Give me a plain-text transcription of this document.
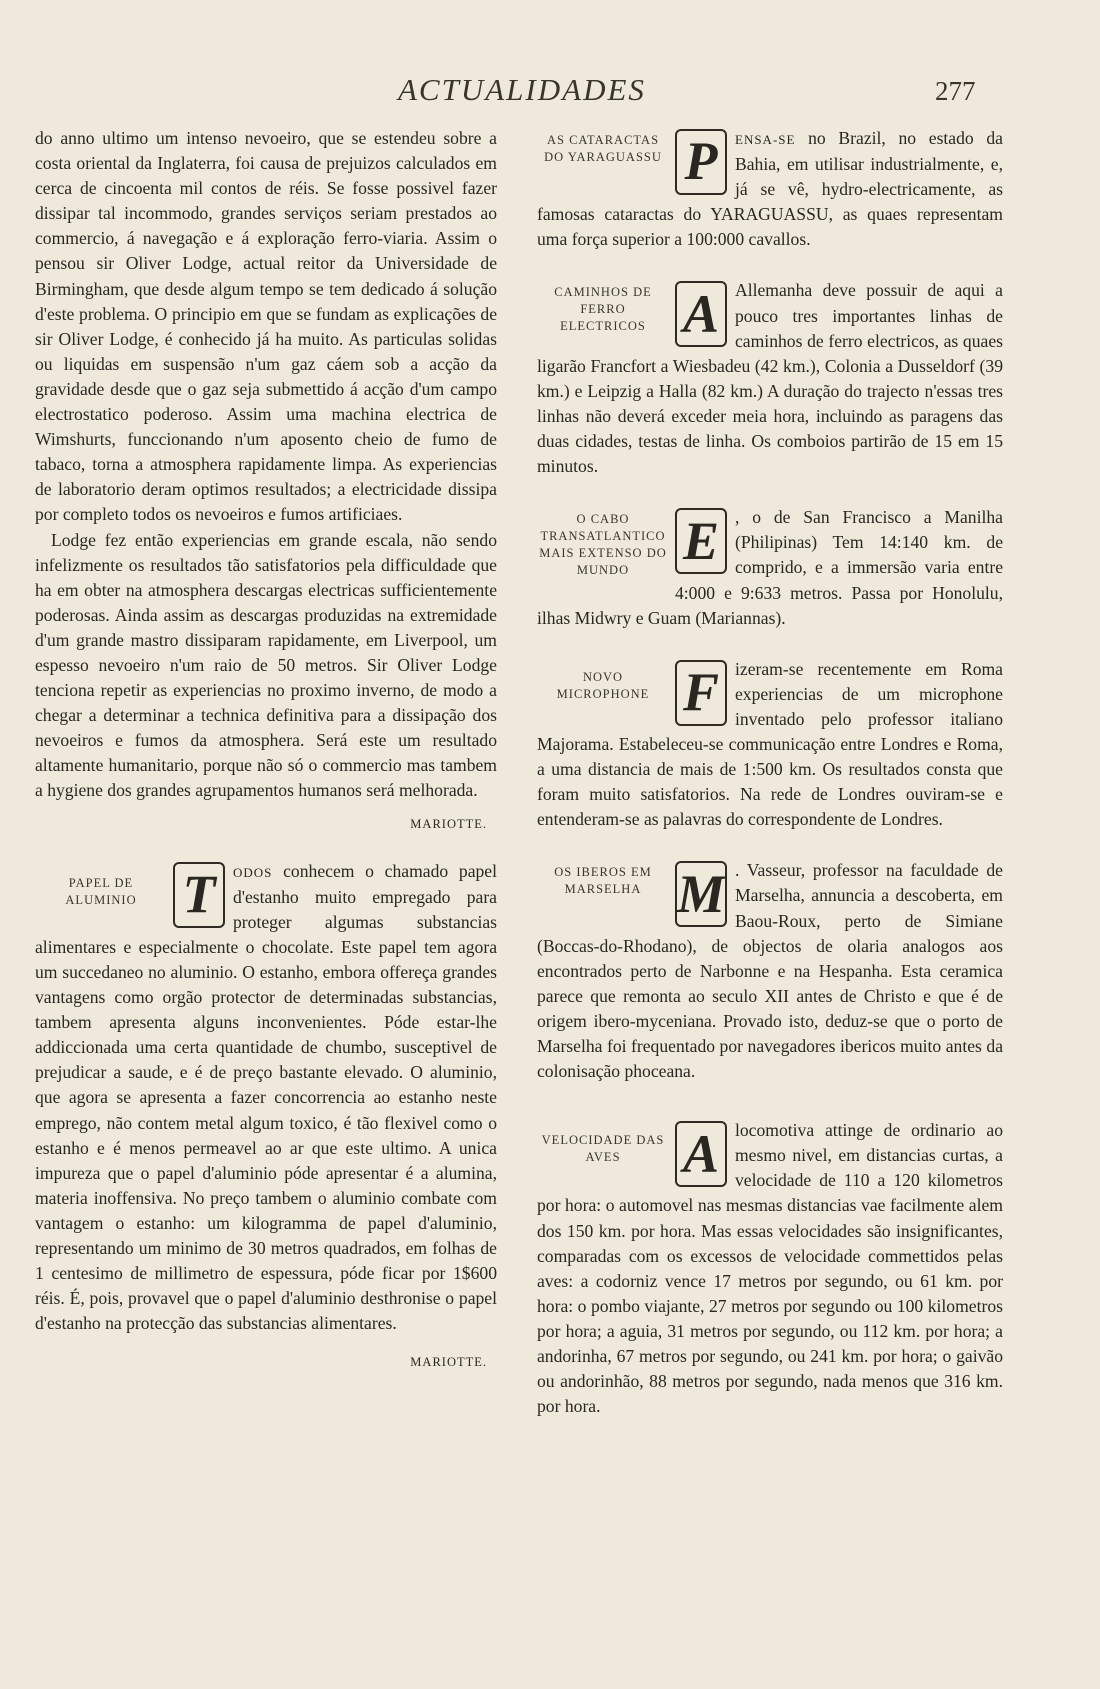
ACTUALIDADES	277

do anno ultimo um intenso nevoeiro, que se estendeu sobre a costa oriental da Inglaterra, foi causa de prejuizos calculados em cerca de cincoenta mil contos de réis. Se fosse possivel fazer dissipar tal incommodo, grandes serviços seriam prestados ao commercio, á navegação e á exploração ferro-viaria. Assim o pensou sir Oliver Lodge, actual reitor da Universidade de Birmingham, que desde algum tempo se tem dedicado á solução d'este problema. O principio em que se fundam as explicações de sir Oliver Lodge, é conhecido já ha muito. As particulas solidas ou liquidas em suspensão n'um gaz cáem sob a acção da gravidade desde que o gaz seja submettido á acção d'um campo electrostatico poderoso. Assim uma machina electrica de Wimshurts, funccionando n'um aposento cheio de fumo de tabaco, torna a atmosphera rapidamente limpa. As experiencias de laboratorio deram optimos resultados; a electricidade dissipa por completo todos os nevoeiros e fumos artificiaes.

Lodge fez então experiencias em grande escala, não sendo infelizmente os resultados tão satisfatorios pela difficuldade que ha em obter na atmosphera descargas electricas sufficientemente poderosas. Ainda assim as descargas produzidas na extremidade d'um grande mastro dissiparam rapidamente, em Liverpool, um espesso nevoeiro n'um raio de 50 metros. Sir Oliver Lodge tenciona repetir as experiencias no proximo inverno, de modo a chegar a determinar a technica definitiva para a dissipação dos nevoeiros e fumos da atmosphera. Será este um resultado altamente humanitario, porque não só o commercio mas tambem a hygiene dos grandes agrupamentos humanos será melhorada.

MARIOTTE.
PAPEL DE ALUMINIO T	ODOS conhecem o chamado papel d'estanho muito empregado para proteger algumas substancias alimentares e especialmente o chocolate. Este papel tem agora um succedaneo no aluminio. O estanho, embora offereça grandes vantagens como orgão protector de determinadas substancias, tambem apresenta alguns inconvenientes. Póde estar-lhe addiccionada uma certa quantidade de chumbo, susceptivel de prejudicar a saude, e é de preço bastante elevado. O aluminio, que agora se apresenta a fazer concorrencia ao estanho neste emprego, não contem metal algum toxico, é tão flexivel como o estanho e é menos permeavel ao ar que este ultimo. A unica impureza que o papel d'aluminio póde apresentar é a alumina, materia inoffensiva. No preço tambem o aluminio combate com vantagem o estanho: um kilogramma de papel d'aluminio, representando um minimo de 30 metros quadrados, em folhas de 1 centesimo de millimetro de espessura, póde ficar por 1$600 réis. É, pois, provavel que o papel d'aluminio desthronise o papel d'estanho na protecção das substancias alimentares.

MARIOTTE.
AS CATARACTAS DO YARAGUASSU P	ENSA-SE no Brazil, no estado da Bahia, em utilisar industrialmente, e, já se vê, hydro-electricamente, as famosas cataractas do YARAGUASSU, as quaes representam uma força superior a 100:000 cavallos.

CAMINHOS DE FERRO ELECTRICOS A Allemanha deve possuir de aqui a pouco tres importantes linhas de caminhos de ferro electricos, as quaes ligarão Francfort a Wiesbadeu (42 km.), Colonia a Dusseldorf (39 km.) e Leipzig a Halla (82 km.) A duração do trajecto n'essas tres linhas não deverá exceder meia hora, incluindo as paragens das duas cidades, testas de linha. Os comboios partirão de 15 em 15 minutos.

O CABO TRANSATLANTICO MAIS EXTENSO DO MUNDO E , o de San Francisco a Manilha (Philipinas) Tem 14:140 km. de comprido, e a immersão varia entre 4:000 e 9:633 metros. Passa por Honolulu, ilhas Midwry e Guam (Mariannas).

NOVO MICROPHONE F izeram-se recentemente em Roma experiencias de um microphone inventado pelo professor italiano Majorama. Estabeleceu-se communicação entre Londres e Roma, a uma distancia de mais de 1:500 km. Os resultados consta que foram muito satisfatorios. Na rede de Londres ouviram-se e entenderam-se as palavras do correspondente de Londres.

OS IBEROS EM MARSELHA M . Vasseur, professor na faculdade de Marselha, annuncia a descoberta, em Baou-Roux, perto de Simiane (Boccas-do-Rhodano), de objectos de olaria analogos aos encontrados perto de Narbonne e na Hespanha. Esta ceramica parece que remonta ao seculo XII antes de Christo e que é de origem ibero-myceniana. Provado isto, deduz-se que o porto de Marselha foi frequentado por navegadores ibericos muito antes da colonisação phoceana.

VELOCIDADE DAS AVES	A locomotiva attinge de ordinario ao mesmo nivel, em distancias curtas, a velocidade de 110 a 120 kilometros por hora: o automovel nas mesmas distancias vae facilmente alem dos 150 km. por hora. Mas essas velocidades são insignificantes, comparadas com os excessos de velocidade commettidos pelas aves: a codorniz vence 17 metros por segundo, ou 61 km. por hora: o pombo viajante, 27 metros por segundo ou 100 kilometros por hora; a aguia, 31 metros por segundo, ou 112 km. por hora; a andorinha, 67 metros por segundo, ou 241 km. por hora; o gaivão ou andorinhão, 88 metros por segundo, nada menos que 316 km. por hora.
